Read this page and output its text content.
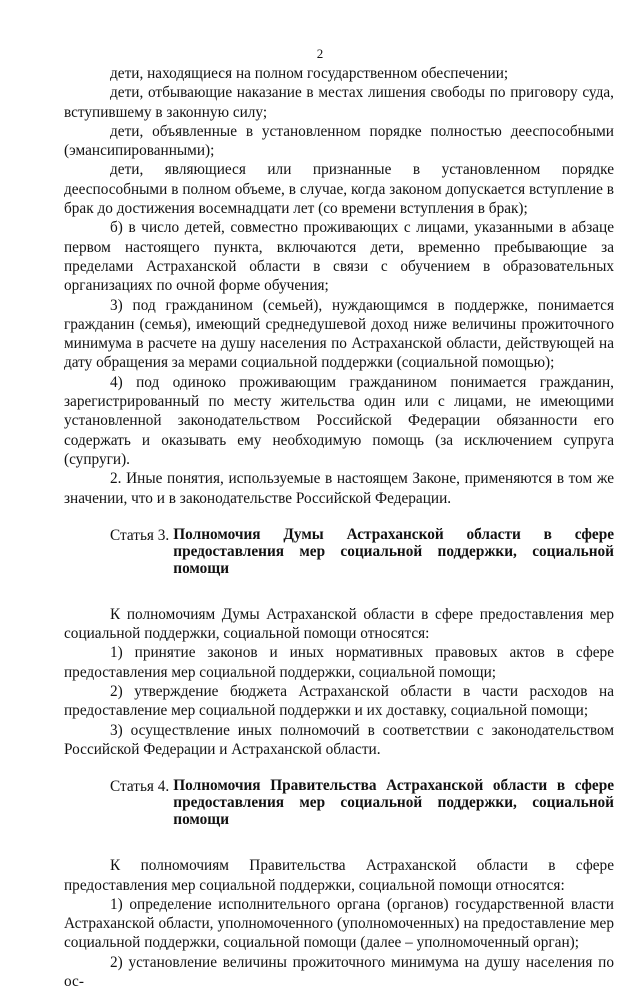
2

дети, находящиеся на полном государственном обеспечении;

дети, отбывающие наказание в местах лишения свободы по приговору суда, вступившему в законную силу;

дети, объявленные в установленном порядке полностью дееспособными (эмансипированными);

дети, являющиеся или признанные в установленном порядке дееспособными в полном объеме, в случае, когда законом допускается вступление в брак до достижения восемнадцати лет (со времени вступления в брак);

б) в число детей, совместно проживающих с лицами, указанными в абзаце первом настоящего пункта, включаются дети, временно пребывающие за пределами Астраханской области в связи с обучением в образовательных организациях по очной форме обучения;

3) под гражданином (семьей), нуждающимся в поддержке, понимается гражданин (семья), имеющий среднедушевой доход ниже величины прожиточного минимума в расчете на душу населения по Астраханской области, действующей на дату обращения за мерами социальной поддержки (социальной помощью);

4) под одиноко проживающим гражданином понимается гражданин, зарегистрированный по месту жительства один или с лицами, не имеющими установленной законодательством Российской Федерации обязанности его содержать и оказывать ему необходимую помощь (за исключением супруга (супруги).

2. Иные понятия, используемые в настоящем Законе, применяются в том же значении, что и в законодательстве Российской Федерации.

Статья 3. Полномочия Думы Астраханской области в сфере предоставления мер социальной поддержки, социальной помощи

К полномочиям Думы Астраханской области в сфере предоставления мер социальной поддержки, социальной помощи относятся:

1) принятие законов и иных нормативных правовых актов в сфере предоставления мер социальной поддержки, социальной помощи;

2) утверждение бюджета Астраханской области в части расходов на предоставление мер социальной поддержки и их доставку, социальной помощи;

3) осуществление иных полномочий в соответствии с законодательством Российской Федерации и Астраханской области.

Статья 4. Полномочия Правительства Астраханской области в сфере предоставления мер социальной поддержки, социальной помощи

К полномочиям Правительства Астраханской области в сфере предоставления мер социальной поддержки, социальной помощи относятся:

1) определение исполнительного органа (органов) государственной власти Астраханской области, уполномоченного (уполномоченных) на предоставление мер социальной поддержки, социальной помощи (далее – уполномоченный орган);

2) установление величины прожиточного минимума на душу населения по ос-
